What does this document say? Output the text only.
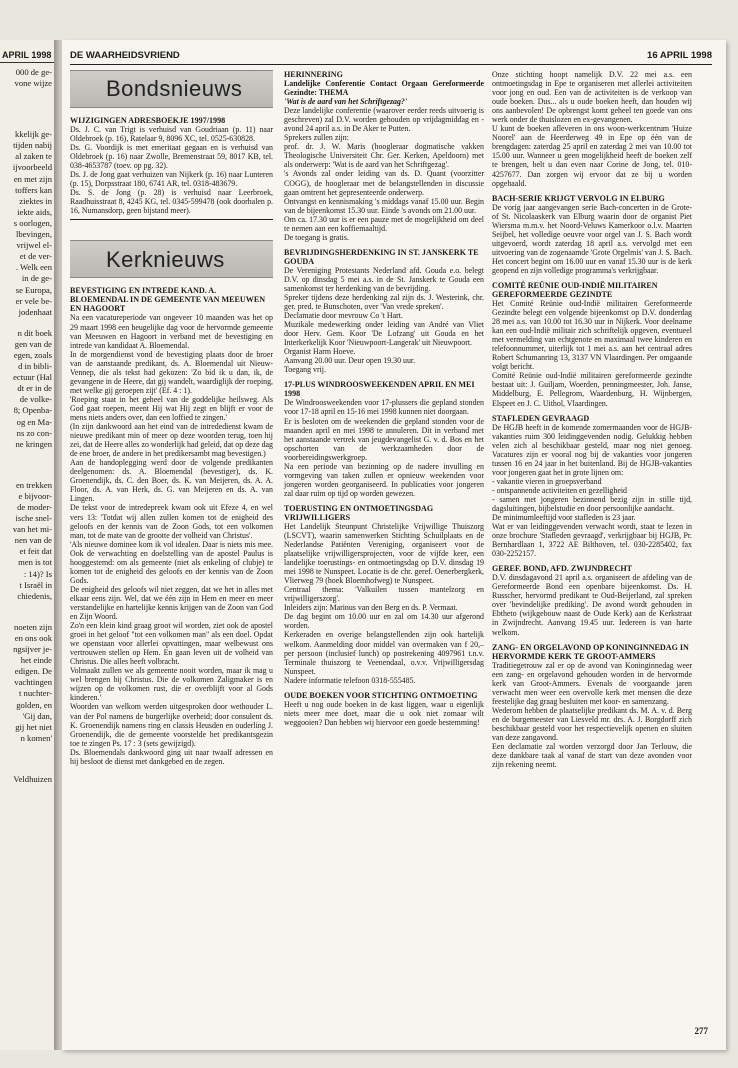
APRIL 1998
000 de ge-
vone wijze
kkelijk ge-
tijden nabij
al zaken te
ijvoorbeeld
en met zijn
toffers kan
ziektes in
iekte aids,
s oorlogen,
lbevingen,
vrijwel el-
et de ver-
. Welk een
in de ge-
se Europa,
er vele be-
jodenhaat
n dit boek
gen van de
egen, zoals
d in bibli-
ectuur (Hal
dt er in de
de volke-
8; Openba-
og en Ma-
ns zo con-
ne kringen
en trekken
e bijvoor-
de moder-
ische snel-
van het mi-
nen van de
et feit dat
men is tot
: 14)? Is
t Israël in
chiedenis,
noeten zijn
en ons ook
ngsijver je-
het einde
edigen. De
vachtingen
t nuchter-
golden, en
'Gij dan,
gij het niet
n komen'
Veldhuizen
DE WAARHEIDSVRIEND	16 APRIL 1998
Bondsnieuws
WIJZIGINGEN ADRESBOEKJE 1997/1998

Ds. J. C. van Trigt is verhuisd van Goudriaan (p. 11) naar Oldebroek (p. 16), Ratelaar 9, 8096 XC, tel. 0525-630828.

Ds. G. Voordijk is met emeritaat gegaan en is verhuisd van Oldebroek (p. 16) naar Zwolle, Bremenstraat 59, 8017 KB, tel. 038-4653787 (toev. op pg. 32).

Ds. J. de Jong gaat verhuizen van Nijkerk (p. 16) naar Lunteren (p. 15), Dorpsstraat 180, 6741 AR, tel. 0318-483679.

Ds. S. de Jong (p. 28) is verhuisd naar Leerbroek, Raadhuisstraat 8, 4245 KG, tel. 0345-599478 (ook doorhalen p. 16, Numansdorp, geen bijstand meer).

Kerknieuws
BEVESTIGING EN INTREDE KAND. A. BLOEMENDAL IN DE GEMEENTE VAN MEEUWEN EN HAGOORT

Na een vacatureperiode van ongeveer 10 maanden was het op 29 maart 1998 een heugelijke dag voor de hervormde gemeente van Meeuwen en Hagoort in verband met de bevestiging en intrede van kandidaat A. Bloemendal.

In de morgendienst vond de bevestiging plaats door de broer van de aanstaande predikant, ds. A. Bloemendal uit Nieuw-Vennep, die als tekst had gekozen: 'Zo bid ik u dan, ik, de gevangene in de Heere, dat gij wandelt, waardiglijk der roeping, met welke gij geroepen zijt' (Ef. 4 : 1).

'Roeping staat in het geheel van de goddelijke heilsweg. Als God gaat roepen, meent Hij wat Hij zegt en blijft er voor de mens niets anders over, dan een loffied te zingen.'

(In zijn dankwoord aan het eind van de intrededienst kwam de nieuwe predikant min of meer op deze woorden terug, toen hij zei, dat de Heere alles zo wonderlijk had geleid, dat op deze dag de ene broer, de andere in het predikersambt mag bevestigen.)

Aan de handoplegging werd door de volgende predikanten deelgenomen: ds. A. Bloemendal (bevestiger), ds. K. Groenendijk, ds. C. den Boer, ds. K. van Meijeren, ds. A. A. Floor, ds. A. van Herk, ds. G. van Meijeren en ds. A. van Lingen.

De tekst voor de intredepreek kwam ook uit Efeze 4, en wel vers 13: 'Totdat wij allen zullen komen tot de enigheid des geloofs en der kennis van de Zoon Gods, tot een volkomen man, tot de mate van de grootte der volheid van Christus'.

'Als nieuwe dominee kom ik vol idealen. Daar is niets mis mee. Ook de verwachting en doelstelling van de apostel Paulus is hooggestemd: om als gemeente (niet als enkeling of clubje) te komen tot de enigheid des geloofs en der kennis van de Zoon Gods.

De enigheid des geloofs wil niet zeggen, dat we het in alles met elkaar eens zijn. Wel, dat we één zijn in Hem en meer en meer verstandelijke en hartelijke kennis krijgen van de Zoon van God en Zijn Woord.

Zo'n een klein kind graag groot wil worden, ziet ook de apostel groei in het geloof "tot een volkomen man" als een doel. Opdat we openstaan voor allerlei opvattingen, maar welbewust ons vertrouwen stellen op Hem. En gaan leven uit de volheid van Christus. Die alles heeft volbracht.

Volmaakt zullen we als gemeente nooit worden, maar ik mag u wel brengen bij Christus. Die de volkomen Zaligmaker is en wijzen op de volkomen rust, die er overblijft voor al Gods kinderen.'

Woorden van welkom werden uitgesproken door wethouder L. van der Pol namens de burgerlijke overheid; door consulent ds. K. Groenendijk namens ring en classis Heusden en ouderling J. Groenendijk, die de gemeente voorstelde het predikantsgezin toe te zingen Ps. 17 : 3 (sets gewijzigd).

Ds. Bloemendals dankwoord ging uit naar twaalf adressen en hij besloot de dienst met dankgebed en de zegen.

HERINNERING

Landelijke Conferentie Contact Orgaan Gereformeerde Gezindte: THEMA

'Wat is de aard van het Schriftgezag?'

Deze landelijke conferentie (waarover eerder reeds uitvoerig is geschreven) zal D.V. worden gehouden op vrijdagmiddag en -avond 24 april a.s. in De Aker te Putten.

Sprekers zullen zijn:

prof. dr. J. W. Maris (hoogleraar dogmatische vakken Theologische Universiteit Chr. Ger. Kerken, Apeldoorn) met als onderwerp: 'Wat is de aard van het Schriftgezag'.

's Avonds zal onder leiding van ds. D. Quant (voorzitter COGG), de hoogleraar met de belangstellenden in discussie gaan omtrent het gepresenteerde onderwerp.

Ontvangst en kennismaking 's middags vanaf 15.00 uur. Begin van de bijeenkomst 15.30 uur. Einde 's avonds om 21.00 uur.

Om ca. 17.30 uur is er een pauze met de mogelijkheid om deel te nemen aan een koffiemaaltijd.

De toegang is gratis.

BEVRIJDINGSHERDENKING IN ST. JANSKERK TE GOUDA

De Vereniging Protestants Nederland afd. Gouda e.o. belegt D.V. op dinsdag 5 mei a.s. in de St. Janskerk te Gouda een samenkomst ter herdenking van de bevrijding.

Spreker tijdens deze herdenking zal zijn ds. J. Westerink, chr. ger. pred. te Bunschoten, over 'Van vrede spreken'.

Declamatie door mevrouw Co 't Hart.

Muzikale medewerking onder leiding van André van Vliet door Herv. Gem. Koor 'De Lofzang' uit Gouda en het Interkerkelijk Koor 'Nieuwpoort-Langerak' uit Nieuwpoort.

Organist Harm Hoeve.

Aanvang 20.00 uur. Deur open 19.30 uur.

Toegang vrij.

17-PLUS WINDROOSWEEKENDEN APRIL EN MEI 1998

De Windroosweekenden voor 17-plussers die gepland stonden voor 17-18 april en 15-16 mei 1998 kunnen niet doorgaan.

Er is besloten om de weekenden die gepland stonden voor de maanden april en mei 1998 te annuleren. Dit in verband met het aanstaande vertrek van jeugdevangelist G. v. d. Bos en het opschorten van de werkzaamheden door de voorbereidingswerkgroep.

Na een periode van bezinning op de nadere invulling en vormgeving van taken zullen er opnieuw weekenden voor jongeren worden georganiseerd. In publicaties voor jongeren zal daar ruim op tijd op worden gewezen.

TOERUSTING EN ONTMOETINGSDAG VRIJWILLIGERS

Het Landelijk Steunpunt Christelijke Vrijwillige Thuiszorg (LSCVT), waarin samenwerken Stichting Schuilplaats en de Nederlandse Patiënten Vereniging, organiseert voor de plaatselijke vrijwilligersprojecten, voor de vijfde keer, een landelijke toerustings- en ontmoetingsdag op D.V. dinsdag 19 mei 1998 te Nunspeet. Locatie is de chr. geref. Oenerbergkerk, Vlierweg 79 (hoek Bloemhofweg) te Nunspeet.

Centraal thema: 'Valkuilen tussen mantelzorg en vrijwilligerszorg'.

Inleiders zijn: Marinus van den Berg en ds. P. Vermaat.

De dag begint om 10.00 uur en zal om 14.30 uur afgerond worden.

Kerkeraden en overige belangstellenden zijn ook hartelijk welkom. Aanmelding door middel van overmaken van f 20,– per persoon (inclusief lunch) op postrekening 4097961 t.n.v. Terminale thuiszorg te Veenendaal, o.v.v. Vrijwilligersdag Nunspeet.

Nadere informatie telefoon 0318-555485.

OUDE BOEKEN VOOR STICHTING ONTMOETING

Heeft u nog oude boeken in de kast liggen, waar u eigenlijk niets meer mee doet, maar die u ook niet zomaar wilt weggooien? Dan hebben wij hiervoor een goede bestemming!

Onze stichting hoopt namelijk D.V. 22 mei a.s. een ontmoetingsdag in Epe te organiseren met allerlei activiteiten voor jong en oud. Een van de activiteiten is de verkoop van oude boeken. Dus... als u oude boeken heeft, dan houden wij ons aanbevolen! De opbrengst komt geheel ten goede van ons werk onder de thuislozen en ex-gevangenen.

U kunt de boeken afleveren in ons woon-werkcentrum 'Huize Noorel' aan de Heerderweg 49 in Epe op één van de brengdagen: zaterdag 25 april en zaterdag 2 mei van 10.00 tot 15.00 uur. Wanneer u geen mogelijkheid heeft de boeken zelf te brengen, belt u dan even naar Corine de Jong, tel. 010-4257677. Dan zorgen wij ervoor dat ze bij u worden opgehaald.

BACH-SERIE KRIJGT VERVOLG IN ELBURG

De vorig jaar aangevangen serie Bach-concerten in de Grote- of St. Nicolaaskerk van Elburg waarin door de organist Piet Wiersma m.m.v. het Noord-Veluws Kamerkoor o.l.v. Maarten Seijbel, het volledige oeuvre voor orgel van J. S. Bach wordt uitgevoerd, wordt zaterdag 18 april a.s. vervolgd met een uitvoering van de zogenaamde 'Grote Orgelmis' van J. S. Bach. Het concert begint om 16.00 uur en vanaf 15.30 uur is de kerk geopend en zijn volledige programma's verkrijgbaar.

COMITÉ REÜNIE OUD-INDIË MILITAIREN GEREFORMEERDE GEZINDTE

Het Comité Reünie oud-Indië militairen Gereformeerde Gezindte belegt een volgende bijeenkomst op D.V. donderdag 28 mei a.s. van 10.00 tot 16.30 uur in Nijkerk. Voor deelname kan een oud-Indië militair zich schriftelijk opgeven, eventueel met vermelding van echtgenote en maximaal twee kinderen en telefoonnummer, uiterlijk tot 1 mei a.s. aan het centraal adres Robert Schumanring 13, 3137 VN Vlaardingen. Per omgaande volgt bericht.

Comité Reünie oud-Indië militairen gereformeerde gezindte bestaat uit: J. Guiljam, Woerden, penningmeester, Joh. Janse, Middelburg, E. Pellegrom, Waardenburg, H. Wijnbergen, Elspeet en J. C. Uithol, Vlaardingen.

STAFLEDEN GEVRAAGD

De HGJB heeft in de komende zomermaanden voor de HGJB-vakanties ruim 300 leidinggevenden nodig. Gelukkig hebben velen zich al beschikbaar gesteld, maar nog niet genoeg. Vacatures zijn er vooral nog bij de vakanties voor jongeren tussen 16 en 24 jaar in het buitenland. Bij de HGJB-vakanties voor jongeren gaat het in grote lijnen om:

- vakantie vieren in groepsverband

- ontspannende activiteiten en gezelligheid

- samen met jongeren bezinnend bezig zijn in stille tijd, dagsluitingen, bijbelstudie en door persoonlijke aandacht.

De minimumleeftijd voor stafleden is 23 jaar.

Wat er van leidinggevenden verwacht wordt, staat te lezen in onze brochure 'Stafleden gevraagd', verkrijgbaar bij HGJB, Pr. Bernhardlaan 1, 3722 AE Bilthoven, tel. 030-2285402, fax 030-2252157.

GEREF. BOND, AFD. ZWIJNDRECHT

D.V. dinsdagavond 21 april a.s. organiseert de afdeling van de Gereformeerde Bond een openbare bijeenkomst. Ds. H. Russcher, hervormd predikant te Oud-Beijerland, zal spreken over 'bevindelijke prediking'. De avond wordt gehouden in Ebtheto (wijkgebouw naast de Oude Kerk) aan de Kerkstraat in Zwijndrecht. Aanvang 19.45 uur. Iedereen is van harte welkom.

ZANG- EN ORGELAVOND OP KONINGINNEDAG IN HERVORMDE KERK TE GROOT-AMMERS

Traditiegetrouw zal er op de avond van Koninginnedag weer een zang- en orgelavond gehouden worden in de hervormde kerk van Groot-Ammers. Evenals de voorgaande jaren verwacht men weer een overvolle kerk met mensen die deze feestelijke dag graag besluiten met koor- en samenzang.

Wederom hebben de plaatselijke predikant ds. M. A. v. d. Berg en de burgemeester van Liesveld mr. drs. A. J. Borgdorff zich beschikbaar gesteld voor het respectievelijk openen en sluiten van deze zangavond.

Een declamatie zal worden verzorgd door Jan Terlouw, die deze dankbare taak al vanaf de start van deze avonden voor zijn rekening neemt.

277
